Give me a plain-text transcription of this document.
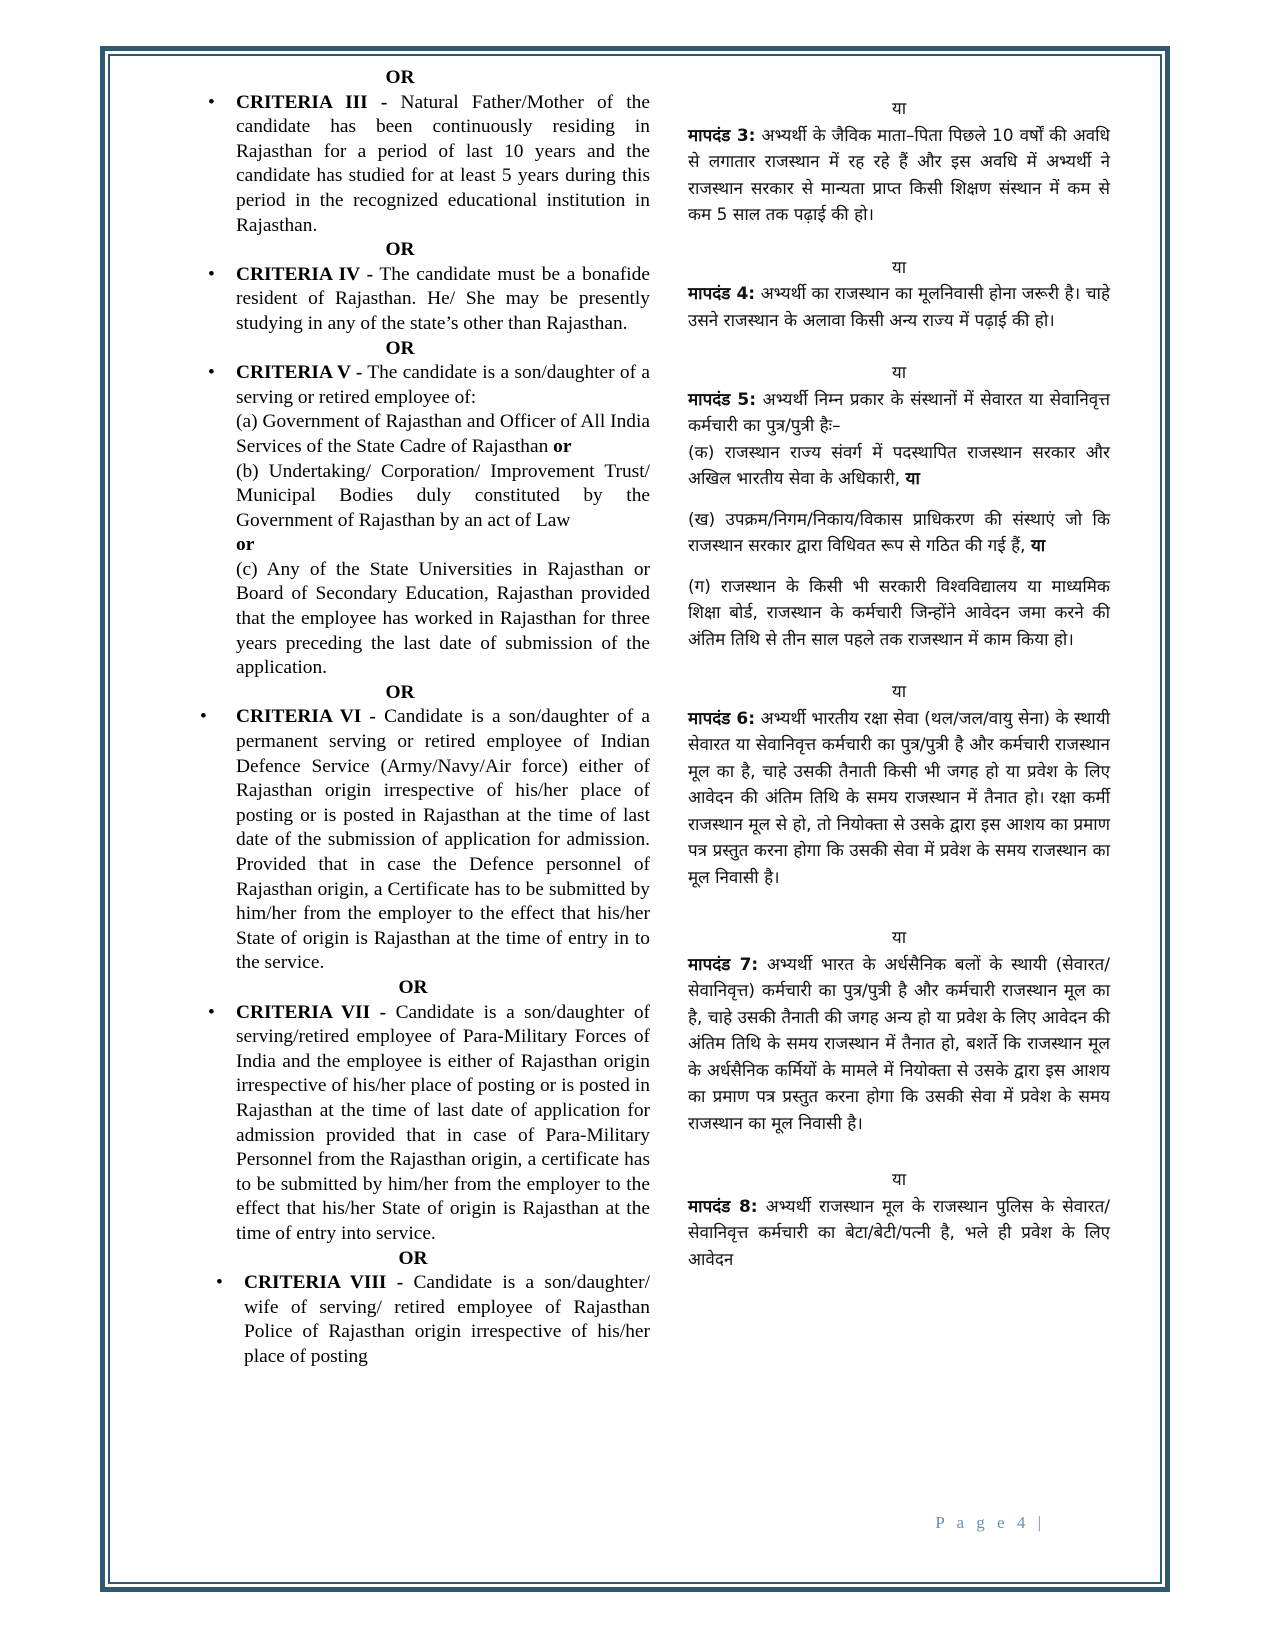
OR
• CRITERIA III - Natural Father/Mother of the candidate has been continuously residing in Rajasthan for a period of last 10 years and the candidate has studied for at least 5 years during this period in the recognized educational institution in Rajasthan.
OR
• CRITERIA IV - The candidate must be a bonafide resident of Rajasthan. He/ She may be presently studying in any of the state’s other than Rajasthan.
OR
• CRITERIA V - The candidate is a son/daughter of a serving or retired employee of:

(a) Government of Rajasthan and Officer of All India Services of the State Cadre of Rajasthan or

(b) Undertaking/ Corporation/ Improvement Trust/ Municipal Bodies duly constituted by the Government of Rajasthan by an act of Law
or

(c) Any of the State Universities in Rajasthan or Board of Secondary Education, Rajasthan provided that the employee has worked in Rajasthan for three years preceding the last date of submission of the application.

OR
• CRITERIA VI - Candidate is a son/daughter of a permanent serving or retired employee of Indian Defence Service (Army/Navy/Air force) either of Rajasthan origin irrespective of his/her place of posting or is posted in Rajasthan at the time of last date of the submission of application for admission. Provided that in case the Defence personnel of Rajasthan origin, a Certificate has to be submitted by him/her from the employer to the effect that his/her State of origin is Rajasthan at the time of entry in to the service.
OR
• CRITERIA VII - Candidate is a son/daughter of serving/retired employee of Para-Military Forces of India and the employee is either of Rajasthan origin irrespective of his/her place of posting or is posted in Rajasthan at the time of last date of application for admission provided that in case of Para-Military Personnel from the Rajasthan origin, a certificate has to be submitted by him/her from the employer to the effect that his/her State of origin is Rajasthan at the time of entry into service.
OR
• CRITERIA VIII - Candidate is a son/daughter/ wife of serving/ retired employee of Rajasthan Police of Rajasthan origin irrespective of his/her place of posting
या

मापदंड 3: अभ्यर्थी के जैविक माता–पिता पिछले 10 वर्षों की अवधि से लगातार राजस्थान में रह रहे हैं और इस अवधि में अभ्यर्थी ने राजस्थान सरकार से मान्यता प्राप्त किसी शिक्षण संस्थान में कम से कम 5 साल तक पढ़ाई की हो।

या

मापदंड 4: अभ्यर्थी का राजस्थान का मूलनिवासी होना जरूरी है। चाहे उसने राजस्थान के अलावा किसी अन्य राज्य में पढ़ाई की हो।

या

मापदंड 5: अभ्यर्थी निम्न प्रकार के संस्थानों में सेवारत या सेवानिवृत्त कर्मचारी का पुत्र/पुत्री हैः–

(क) राजस्थान राज्य संवर्ग में पदस्थापित राजस्थान सरकार और अखिल भारतीय सेवा के अधिकारी, या

(ख) उपक्रम/निगम/निकाय/विकास प्राधिकरण की संस्थाएं जो कि राजस्थान सरकार द्वारा विधिवत रूप से गठित की गई हैं, या

(ग) राजस्थान के किसी भी सरकारी विश्वविद्यालय या माध्यमिक शिक्षा बोर्ड, राजस्थान के कर्मचारी जिन्होंने आवेदन जमा करने की अंतिम तिथि से तीन साल पहले तक राजस्थान में काम किया हो।

या

मापदंड 6: अभ्यर्थी भारतीय रक्षा सेवा (थल/जल/वायु सेना) के स्थायी सेवारत या सेवानिवृत्त कर्मचारी का पुत्र/पुत्री है और कर्मचारी राजस्थान मूल का है, चाहे उसकी तैनाती किसी भी जगह हो या प्रवेश के लिए आवेदन की अंतिम तिथि के समय राजस्थान में तैनात हो। रक्षा कर्मी राजस्थान मूल से हो, तो नियोक्ता से उसके द्वारा इस आशय का प्रमाण पत्र प्रस्तुत करना होगा कि उसकी सेवा में प्रवेश के समय राजस्थान का मूल निवासी है।

या

मापदंड 7: अभ्यर्थी भारत के अर्धसैनिक बलों के स्थायी (सेवारत/सेवानिवृत्त) कर्मचारी का पुत्र/पुत्री है और कर्मचारी राजस्थान मूल का है, चाहे उसकी तैनाती की जगह अन्य हो या प्रवेश के लिए आवेदन की अंतिम तिथि के समय राजस्थान में तैनात हो, बशर्ते कि राजस्थान मूल के अर्धसैनिक कर्मियों के मामले में नियोक्ता से उसके द्वारा इस आशय का प्रमाण पत्र प्रस्तुत करना होगा कि उसकी सेवा में प्रवेश के समय राजस्थान का मूल निवासी है।

या

मापदंड 8: अभ्यर्थी राजस्थान मूल के राजस्थान पुलिस के सेवारत/सेवानिवृत्त कर्मचारी का बेटा/बेटी/पत्नी है, भले ही प्रवेश के लिए आवेदन

P a g e 4 |
